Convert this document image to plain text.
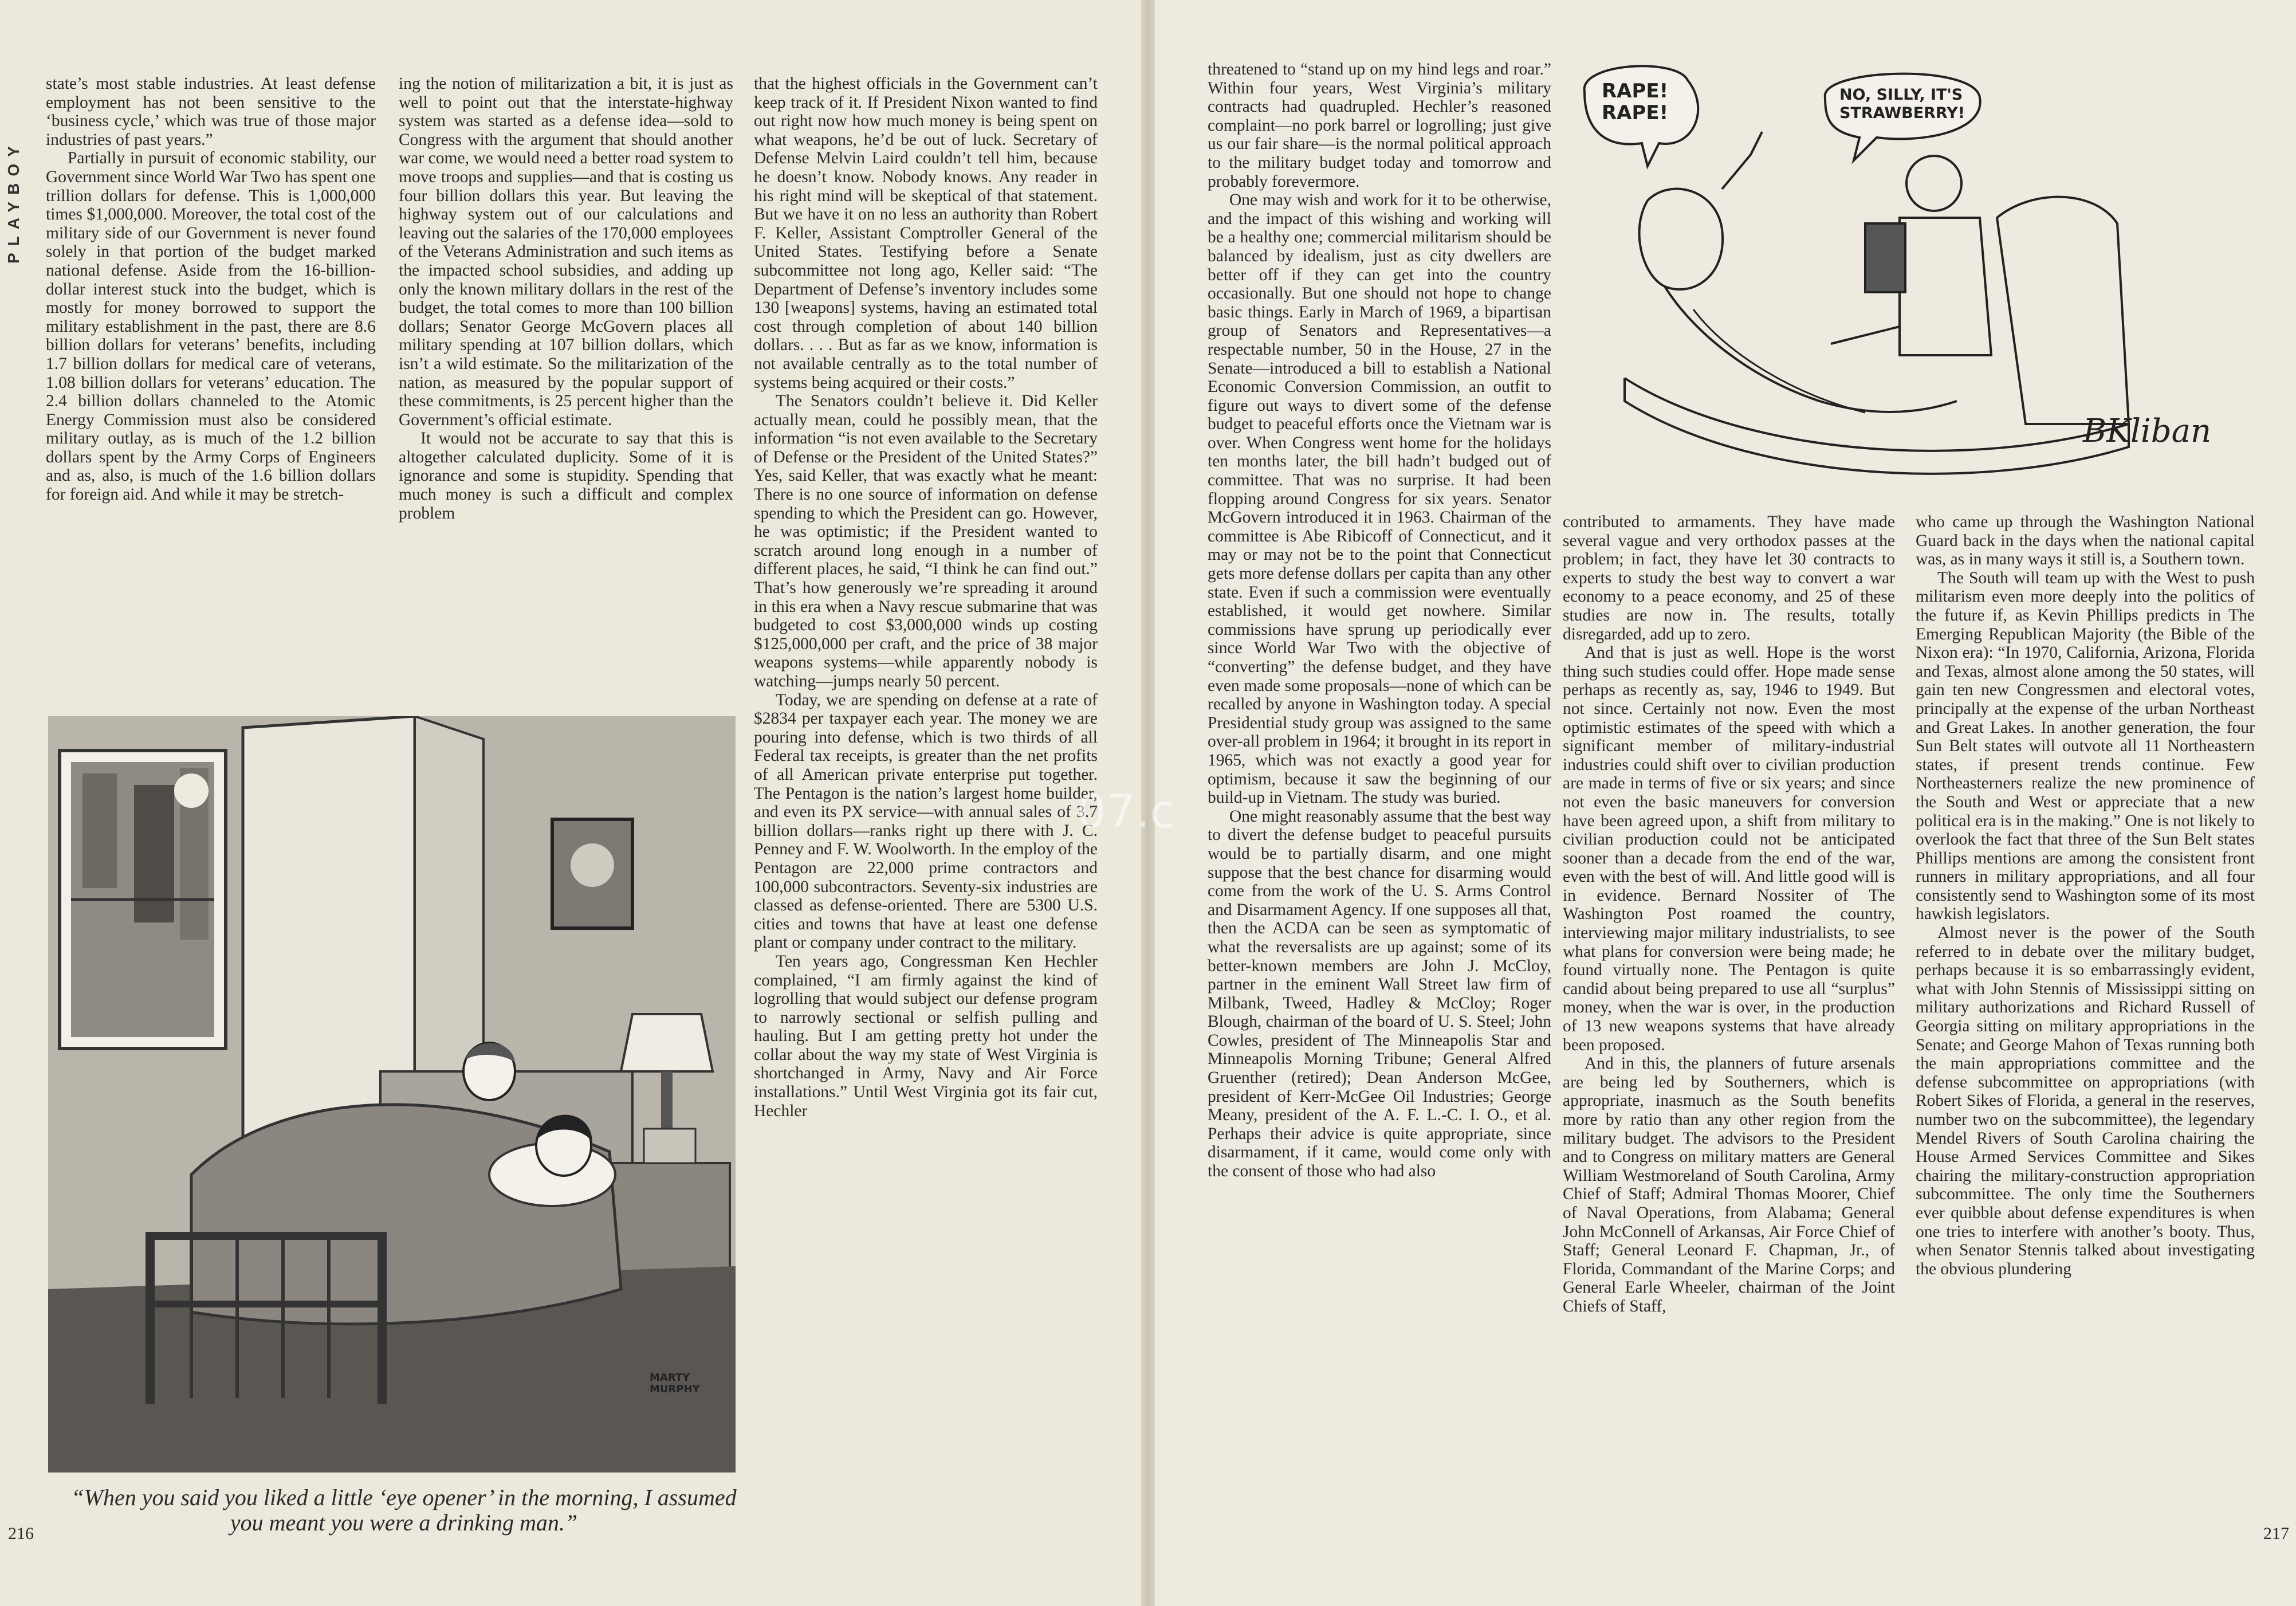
PLAYBOY

state’s most stable industries. At least defense employment has not been sensitive to the ‘business cycle,’ which was true of those major industries of past years.”

Partially in pursuit of economic stability, our Government since World War Two has spent one trillion dollars for defense. This is 1,000,000 times $1,000,000. Moreover, the total cost of the military side of our Government is never found solely in that portion of the budget marked national defense. Aside from the 16-billion-dollar interest stuck into the budget, which is mostly for money borrowed to support the military establishment in the past, there are 8.6 billion dollars for veterans’ benefits, including 1.7 billion dollars for medical care of veterans, 1.08 billion dollars for veterans’ education. The 2.4 billion dollars channeled to the Atomic Energy Commission must also be considered military outlay, as is much of the 1.2 billion dollars spent by the Army Corps of Engineers and as, also, is much of the 1.6 billion dollars for foreign aid. And while it may be stretch-

ing the notion of militarization a bit, it is just as well to point out that the interstate-highway system was started as a defense idea—sold to Congress with the argument that should another war come, we would need a better road system to move troops and supplies—and that is costing us four billion dollars this year. But leaving the highway system out of our calculations and leaving out the salaries of the 170,000 employees of the Veterans Administration and such items as the impacted school subsidies, and adding up only the known military dollars in the rest of the budget, the total comes to more than 100 billion dollars; Senator George McGovern places all military spending at 107 billion dollars, which isn’t a wild estimate. So the militarization of the nation, as measured by the popular support of these commitments, is 25 percent higher than the Government’s official estimate.

It would not be accurate to say that this is altogether calculated duplicity. Some of it is ignorance and some is stupidity. Spending that much money is such a difficult and complex problem

that the highest officials in the Government can’t keep track of it. If President Nixon wanted to find out right now how much money is being spent on what weapons, he’d be out of luck. Secretary of Defense Melvin Laird couldn’t tell him, because he doesn’t know. Nobody knows. Any reader in his right mind will be skeptical of that statement. But we have it on no less an authority than Robert F. Keller, Assistant Comptroller General of the United States. Testifying before a Senate subcommittee not long ago, Keller said: “The Department of Defense’s inventory includes some 130 [weapons] systems, having an estimated total cost through completion of about 140 billion dollars. . . . But as far as we know, information is not available centrally as to the total number of systems being acquired or their costs.”

The Senators couldn’t believe it. Did Keller actually mean, could he possibly mean, that the information “is not even available to the Secretary of Defense or the President of the United States?” Yes, said Keller, that was exactly what he meant: There is no one source of information on defense spending to which the President can go. However, he was optimistic; if the President wanted to scratch around long enough in a number of different places, he said, “I think he can find out.” That’s how generously we’re spreading it around in this era when a Navy rescue submarine that was budgeted to cost $3,000,000 winds up costing $125,000,000 per craft, and the price of 38 major weapons systems—while apparently nobody is watching—jumps nearly 50 percent.

Today, we are spending on defense at a rate of $2834 per taxpayer each year. The money we are pouring into defense, which is two thirds of all Federal tax receipts, is greater than the net profits of all American private enterprise put together. The Pentagon is the nation’s largest home builder, and even its PX service—with annual sales of 3.7 billion dollars—ranks right up there with J. C. Penney and F. W. Woolworth. In the employ of the Pentagon are 22,000 prime contractors and 100,000 subcontractors. Seventy-six industries are classed as defense-oriented. There are 5300 U.S. cities and towns that have at least one defense plant or company under contract to the military.

Ten years ago, Congressman Ken Hechler complained, “I am firmly against the kind of logrolling that would subject our defense program to narrowly sectional or selfish pulling and hauling. But I am getting pretty hot under the collar about the way my state of West Virginia is shortchanged in Army, Navy and Air Force installations.” Until West Virginia got its fair cut, Hechler

MARTY MURPHY
“When you said you liked a little ‘eye opener’ in the morning, I assumed you meant you were a drinking man.”
216

threatened to “stand up on my hind legs and roar.” Within four years, West Virginia’s military contracts had quadrupled. Hechler’s reasoned complaint—no pork barrel or logrolling; just give us our fair share—is the normal political approach to the military budget today and tomorrow and probably forevermore.

One may wish and work for it to be otherwise, and the impact of this wishing and working will be a healthy one; commercial militarism should be balanced by idealism, just as city dwellers are better off if they can get into the country occasionally. But one should not hope to change basic things. Early in March of 1969, a bipartisan group of Senators and Representatives—a respectable number, 50 in the House, 27 in the Senate—introduced a bill to establish a National Economic Conversion Commission, an outfit to figure out ways to divert some of the defense budget to peaceful efforts once the Vietnam war is over. When Congress went home for the holidays ten months later, the bill hadn’t budged out of committee. That was no surprise. It had been flopping around Congress for six years. Senator McGovern introduced it in 1963. Chairman of the committee is Abe Ribicoff of Connecticut, and it may or may not be to the point that Connecticut gets more defense dollars per capita than any other state. Even if such a commission were eventually established, it would get nowhere. Similar commissions have sprung up periodically ever since World War Two with the objective of “converting” the defense budget, and they have even made some proposals—none of which can be recalled by anyone in Washington today. A special Presidential study group was assigned to the same over-all problem in 1964; it brought in its report in 1965, which was not exactly a good year for optimism, because it saw the beginning of our build-up in Vietnam. The study was buried.

One might reasonably assume that the best way to divert the defense budget to peaceful pursuits would be to partially disarm, and one might suppose that the best chance for disarming would come from the work of the U. S. Arms Control and Disarmament Agency. If one supposes all that, then the ACDA can be seen as symptomatic of what the reversalists are up against; some of its better-known members are John J. McCloy, partner in the eminent Wall Street law firm of Milbank, Tweed, Hadley & McCloy; Roger Blough, chairman of the board of U. S. Steel; John Cowles, president of The Minneapolis Star and Minneapolis Morning Tribune; General Alfred Gruenther (retired); Dean Anderson McGee, president of Kerr-McGee Oil Industries; George Meany, president of the A. F. L.-C. I. O., et al. Perhaps their advice is quite appropriate, since disarmament, if it came, would come only with the consent of those who had also

RAPE! RAPE!
NO, SILLY, IT'S STRAWBERRY!
BKliban

contributed to armaments. They have made several vague and very orthodox passes at the problem; in fact, they have let 30 contracts to experts to study the best way to convert a war economy to a peace economy, and 25 of these studies are now in. The results, totally disregarded, add up to zero.

And that is just as well. Hope is the worst thing such studies could offer. Hope made sense perhaps as recently as, say, 1946 to 1949. But not since. Certainly not now. Even the most optimistic estimates of the speed with which a significant member of military-industrial industries could shift over to civilian production are made in terms of five or six years; and since not even the basic maneuvers for conversion have been agreed upon, a shift from military to civilian production could not be anticipated sooner than a decade from the end of the war, even with the best of will. And little good will is in evidence. Bernard Nossiter of The Washington Post roamed the country, interviewing major military industrialists, to see what plans for conversion were being made; he found virtually none. The Pentagon is quite candid about being prepared to use all “surplus” money, when the war is over, in the production of 13 new weapons systems that have already been proposed.

And in this, the planners of future arsenals are being led by Southerners, which is appropriate, inasmuch as the South benefits more by ratio than any other region from the military budget. The advisors to the President and to Congress on military matters are General William Westmoreland of South Carolina, Army Chief of Staff; Admiral Thomas Moorer, Chief of Naval Operations, from Alabama; General John McConnell of Arkansas, Air Force Chief of Staff; General Leonard F. Chapman, Jr., of Florida, Commandant of the Marine Corps; and General Earle Wheeler, chairman of the Joint Chiefs of Staff,

who came up through the Washington National Guard back in the days when the national capital was, as in many ways it still is, a Southern town.

The South will team up with the West to push militarism even more deeply into the politics of the future if, as Kevin Phillips predicts in The Emerging Republican Majority (the Bible of the Nixon era): “In 1970, California, Arizona, Florida and Texas, almost alone among the 50 states, will gain ten new Congressmen and electoral votes, principally at the expense of the urban Northeast and Great Lakes. In another generation, the four Sun Belt states will outvote all 11 Northeastern states, if present trends continue. Few Northeasterners realize the new prominence of the South and West or appreciate that a new political era is in the making.” One is not likely to overlook the fact that three of the Sun Belt states Phillips mentions are among the consistent front runners in military appropriations, and all four consistently send to Washington some of its most hawkish legislators.

Almost never is the power of the South referred to in debate over the military budget, perhaps because it is so embarrassingly evident, what with John Stennis of Mississippi sitting on military authorizations and Richard Russell of Georgia sitting on military appropriations in the Senate; and George Mahon of Texas running both the main appropriations committee and the defense subcommittee on appropriations (with Robert Sikes of Florida, a general in the reserves, number two on the subcommittee), the legendary Mendel Rivers of South Carolina chairing the House Armed Services Committee and Sikes chairing the military-construction appropriation subcommittee. The only time the Southerners ever quibble about defense expenditures is when one tries to interfere with another’s booty. Thus, when Senator Stennis talked about investigating the obvious plundering

217
07.c
